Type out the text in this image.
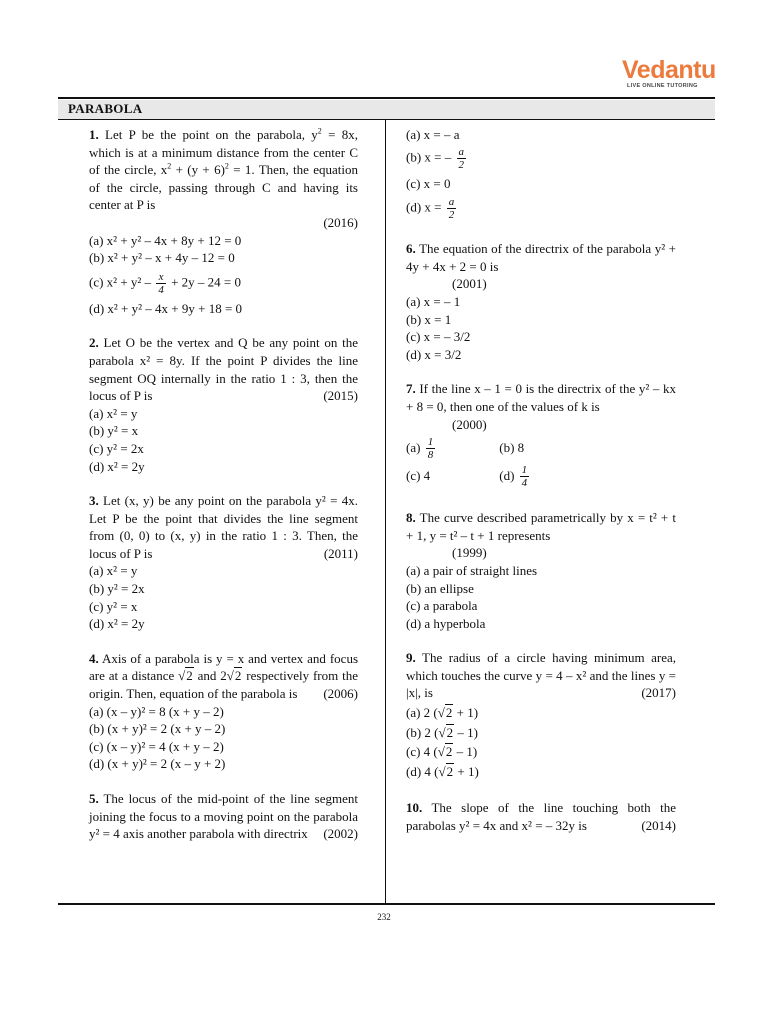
Vedantu
LIVE ONLINE TUTORING
PARABOLA

1. Let P be the point on the parabola, $y^2 = 8x$, which is at a minimum distance from the center C of the circle, $x^2 + (y + 6)^2 = 1$. Then, the equation of the circle, passing through C and having its center at P is

(2016)

(a) x² + y² – 4x + 8y + 12 = 0

(b) x² + y² – x + 4y – 12 = 0

(c) $x^2 + y^2 - \frac{x}{4} + 2y - 24 = 0$

(d) x² + y² – 4x + 9y + 18 = 0

2. Let O be the vertex and Q be any point on the parabola x² = 8y. If the point P divides the line segment OQ internally in the ratio 1 : 3, then the locus of P is	(2015)

(a) x² = y

(b) y² = x

(c) y² = 2x

(d) x² = 2y

3. Let (x, y) be any point on the parabola y² = 4x. Let P be the point that divides the line segment from (0, 0) to (x, y) in the ratio 1 : 3. Then, the locus of P is	(2011)

(a) x² = y

(b) y² = 2x

(c) y² = x

(d) x² = 2y

4. Axis of a parabola is y = x and vertex and focus are at a distance √2 and 2√2 respectively from the origin. Then, equation of the parabola is (2006)

(a) (x – y)² = 8 (x + y – 2)

(b) (x + y)² = 2 (x + y – 2)

(c) (x – y)² = 4 (x + y – 2)

(d) (x + y)² = 2 (x – y + 2)

5. The locus of the mid-point of the line segment joining the focus to a moving point on the parabola y² = 4 axis another parabola with directrix (2002)

(a) x = – a

(b) x = – $\frac{a}{2}$

(c) x = 0

(d) $x = \frac{a}{2}$

6. The equation of the directrix of the parabola y² + 4y + 4x + 2 = 0 is

(2001)

(a) x = – 1

(b) x = 1

(c) x = – 3/2

(d) x = 3/2

7. If the line x – 1 = 0 is the directrix of the y² – kx + 8 = 0, then one of the values of k is

(2000)

$(a) \frac{1}{8}$	(b) 8
(c) 4	$(d) \frac{1}{4}$

8. The curve described parametrically by x = t² + t + 1, y = t² – t + 1 represents

(1999)

(a) a pair of straight lines

(b) an ellipse

(c) a parabola

(d) a hyperbola

9. The radius of a circle having minimum area, which touches the curve y = 4 – x² and the lines y = |x|, is	(2017)

(a) 2 (√2 + 1)

(b) 2 (√2 – 1)

(c) 4 (√2 – 1)

(d) 4 (√2 + 1)

10. The slope of the line touching both the parabolas y² = 4x and x² = – 32y is	(2014)

232
